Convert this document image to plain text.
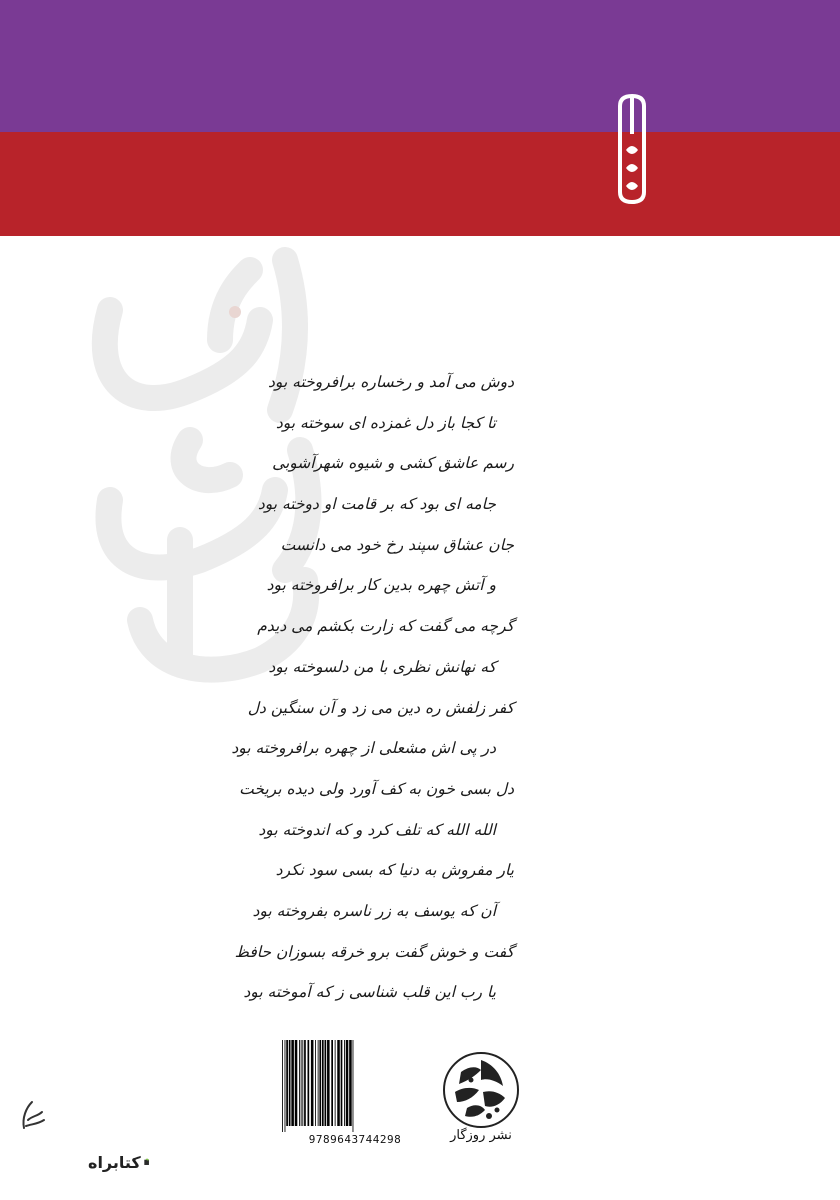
دوش می آمد و رخساره برافروخته بود
تا کجا باز دل غمزده ای سوخته بود
رسم عاشق کشی و شیوه شهرآشوبی
جامه ای بود که بر قامت او دوخته بود
جان عشاق سپند رخ خود می دانست
و آتش چهره بدین کار برافروخته بود
گرچه می گفت که زارت بکشم می دیدم
که نهانش نظری با من دلسوخته بود
کفر زلفش ره دین می زد و آن سنگین دل
در پی اش مشعلی از چهره برافروخته بود
دل بسی خون به کف آورد ولی دیده بریخت
الله الله که تلف کرد و که اندوخته بود
یار مفروش به دنیا که بسی سود نکرد
آن که یوسف به زر ناسره بفروخته بود
گفت و خوش گفت برو خرقه بسوزان حافظ
یا رب این قلب شناسی ز که آموخته بود
9789643744298	نشر روزگار
کتابراه
